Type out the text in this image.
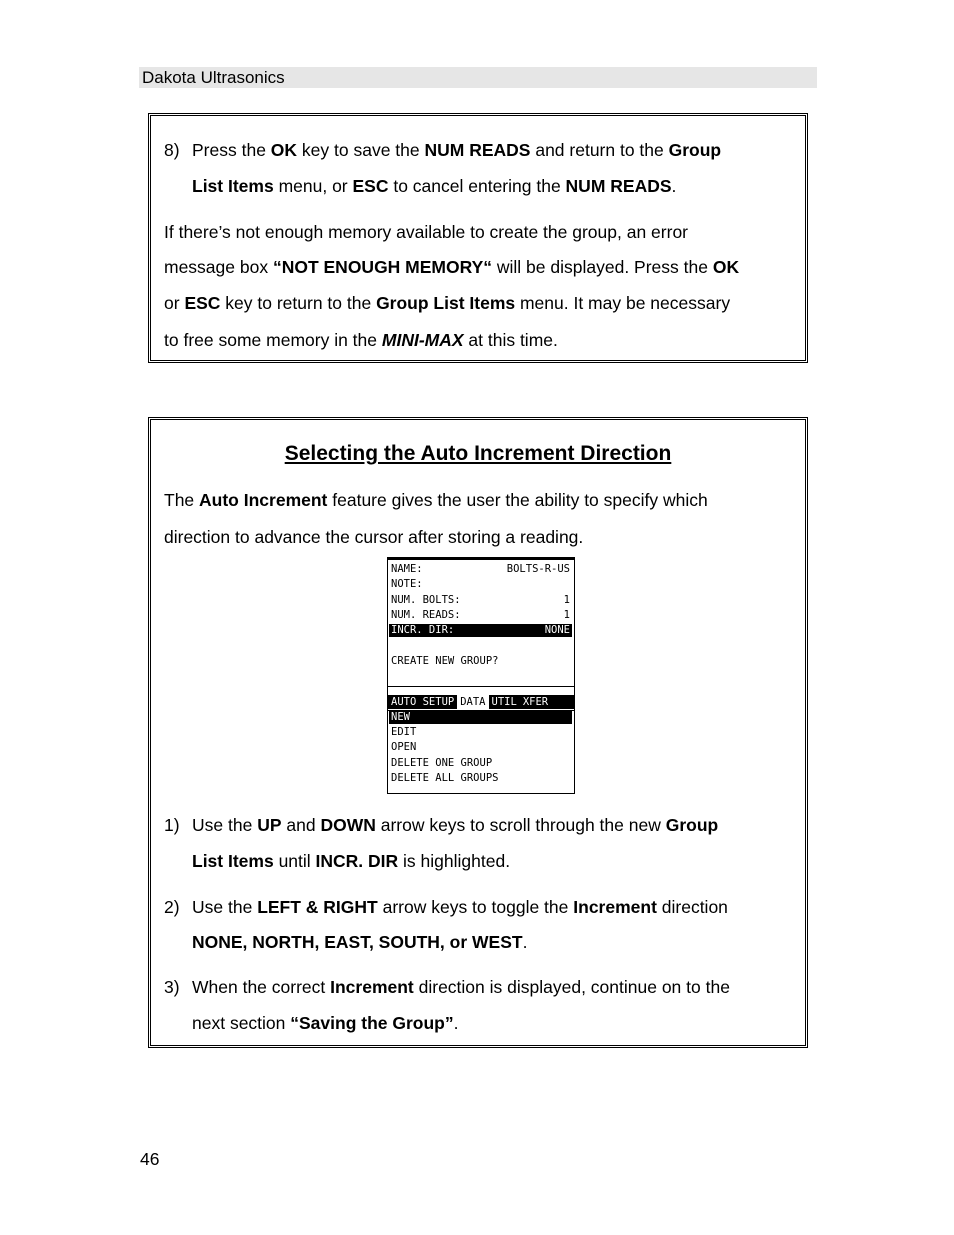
Dakota Ultrasonics
8) Press the OK key to save the NUM READS and return to the Group
List Items menu, or ESC to cancel entering the NUM READS.
If there’s not enough memory available to create the group, an error
message box “NOT ENOUGH MEMORY“ will be displayed. Press the OK
or ESC key to return to the Group List Items menu. It may be necessary
to free some memory in the MINI-MAX at this time.
Selecting the Auto Increment Direction
The Auto Increment feature gives the user the ability to specify which
direction to advance the cursor after storing a reading.
NAME:	BOLTS-R-US
NOTE:
NUM. BOLTS:	1
NUM. READS:	1
INCR. DIR:	NONE
CREATE NEW GROUP?
AUTO SETUP DATA UTIL XFER
NEW
EDIT
OPEN
DELETE ONE GROUP
DELETE ALL GROUPS
1) Use the UP and DOWN arrow keys to scroll through the new Group
List Items until INCR. DIR is highlighted.
2) Use the LEFT & RIGHT arrow keys to toggle the Increment direction
NONE, NORTH, EAST, SOUTH, or WEST.
3) When the correct Increment direction is displayed, continue on to the
next section “Saving the Group”.
46
